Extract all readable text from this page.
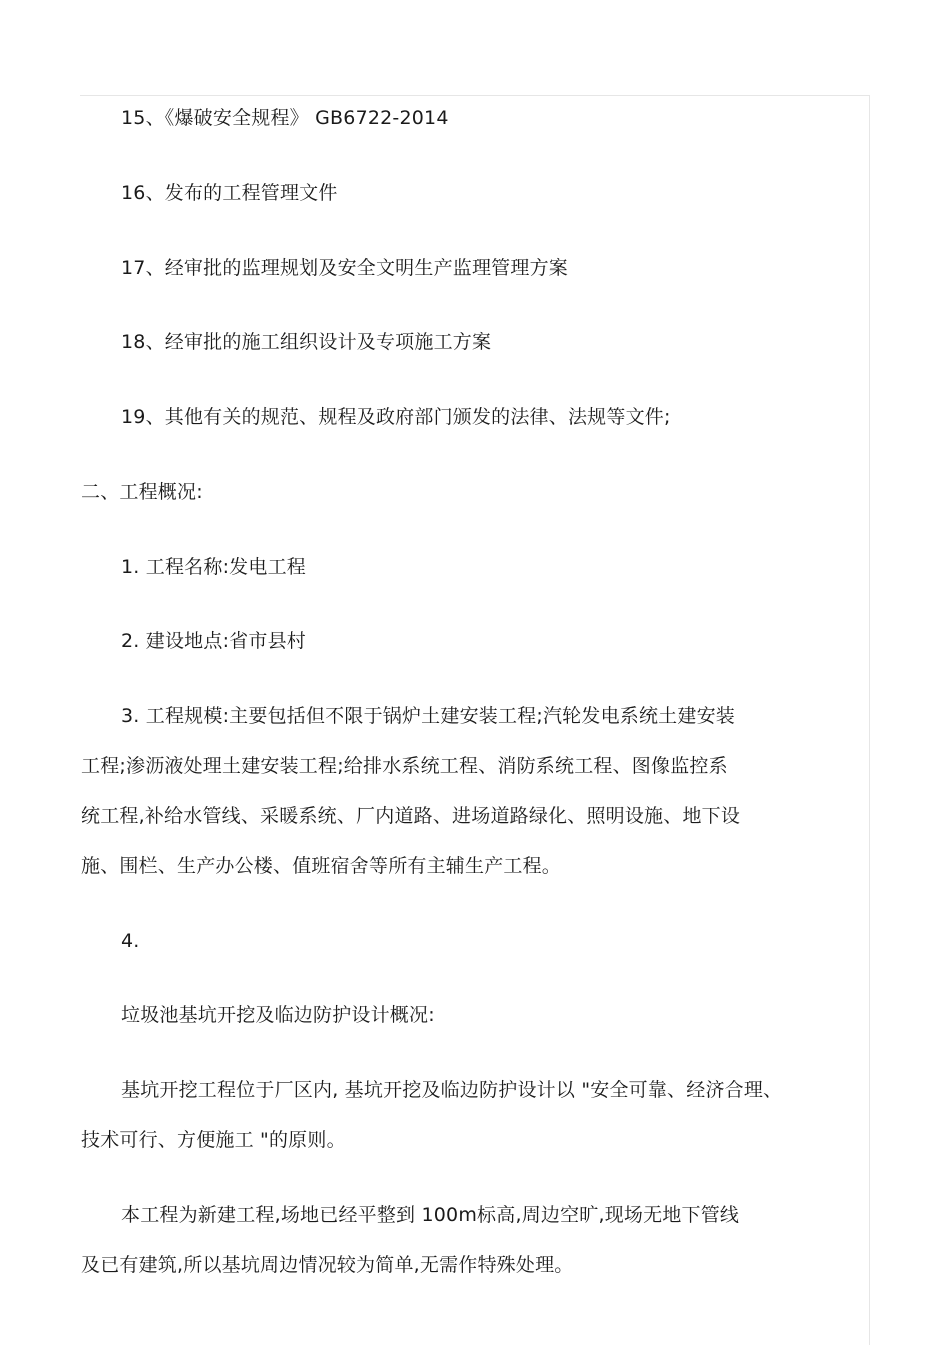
15、《爆破安全规程》 GB6722-2014
16、发布的工程管理文件
17、经审批的监理规划及安全文明生产监理管理方案
18、经审批的施工组织设计及专项施工方案
19、其他有关的规范、规程及政府部门颁发的法律、法规等文件;
二、工程概况:
1. 工程名称:发电工程
2. 建设地点:省市县村
3. 工程规模:主要包括但不限于锅炉土建安装工程;汽轮发电系统土建安装
工程;渗沥液处理土建安装工程;给排水系统工程、消防系统工程、图像监控系
统工程,补给水管线、采暖系统、厂内道路、进场道路绿化、照明设施、地下设
施、围栏、生产办公楼、值班宿舍等所有主辅生产工程。
4.
垃圾池基坑开挖及临边防护设计概况:
基坑开挖工程位于厂区内, 基坑开挖及临边防护设计以 "安全可靠、经济合理、
技术可行、方便施工 "的原则。
本工程为新建工程,场地已经平整到 100m标高,周边空旷,现场无地下管线
及已有建筑,所以基坑周边情况较为简单,无需作特殊处理。
